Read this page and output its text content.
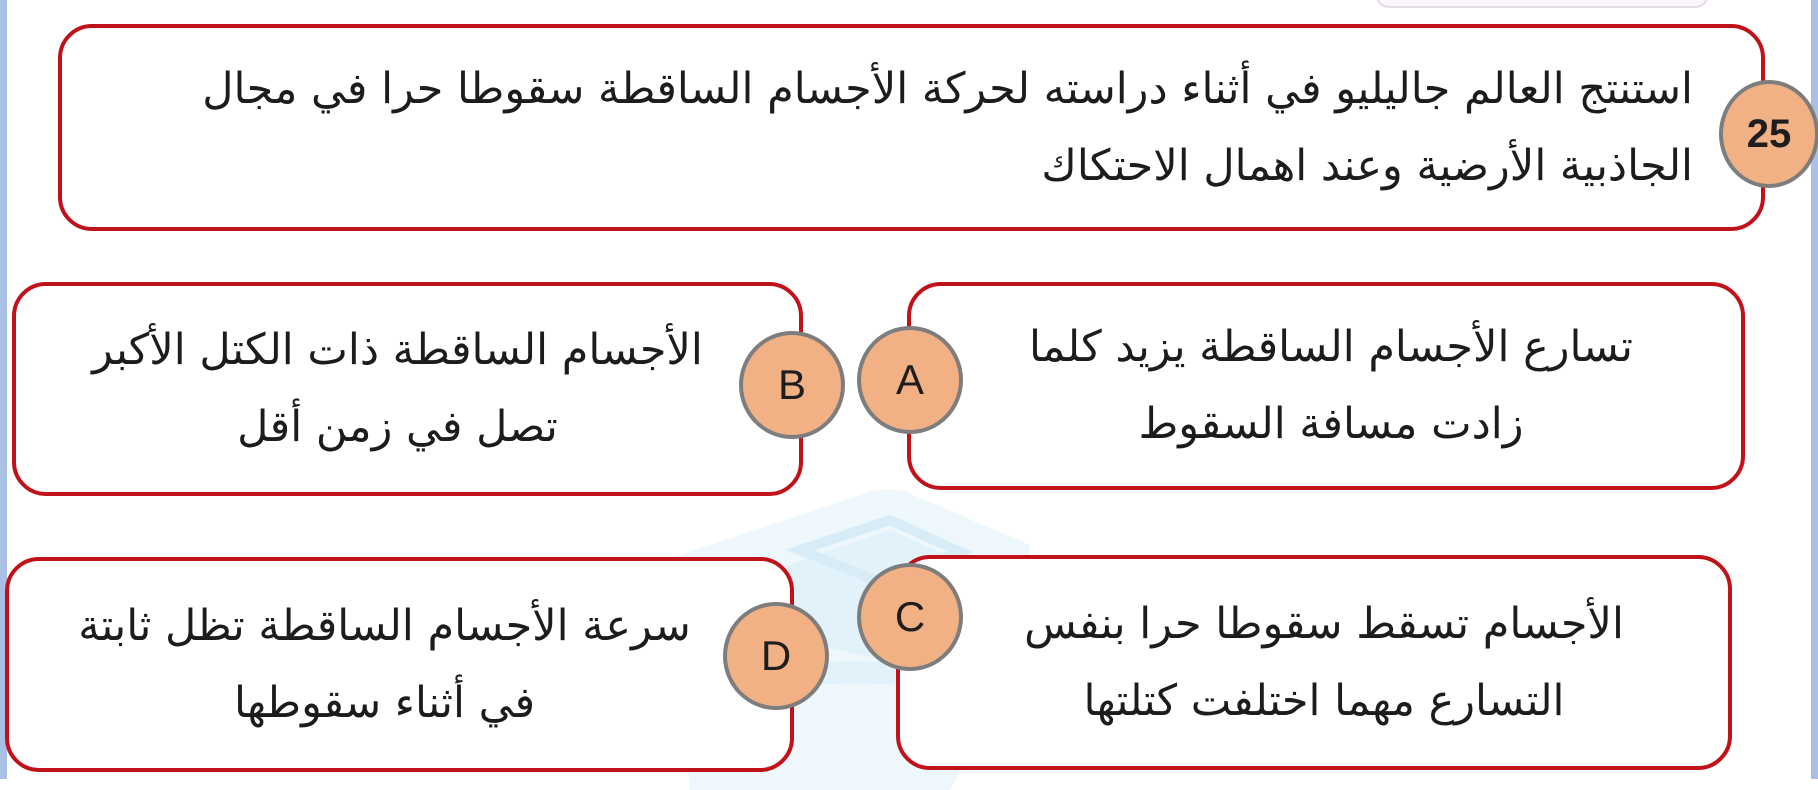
استنتج العالم جاليليو في أثناء دراسته لحركة الأجسام الساقطة سقوطا حرا في مجال الجاذبية الأرضية وعند اهمال الاحتكاك

25

تسارع الأجسام الساقطة يزيد كلما زادت مسافة السقوط

A

الأجسام الساقطة ذات الكتل الأكبر تصل في زمن أقل

B

الأجسام تسقط سقوطا حرا بنفس التسارع مهما اختلفت كتلتها

C

سرعة الأجسام الساقطة تظل ثابتة في أثناء سقوطها

D
